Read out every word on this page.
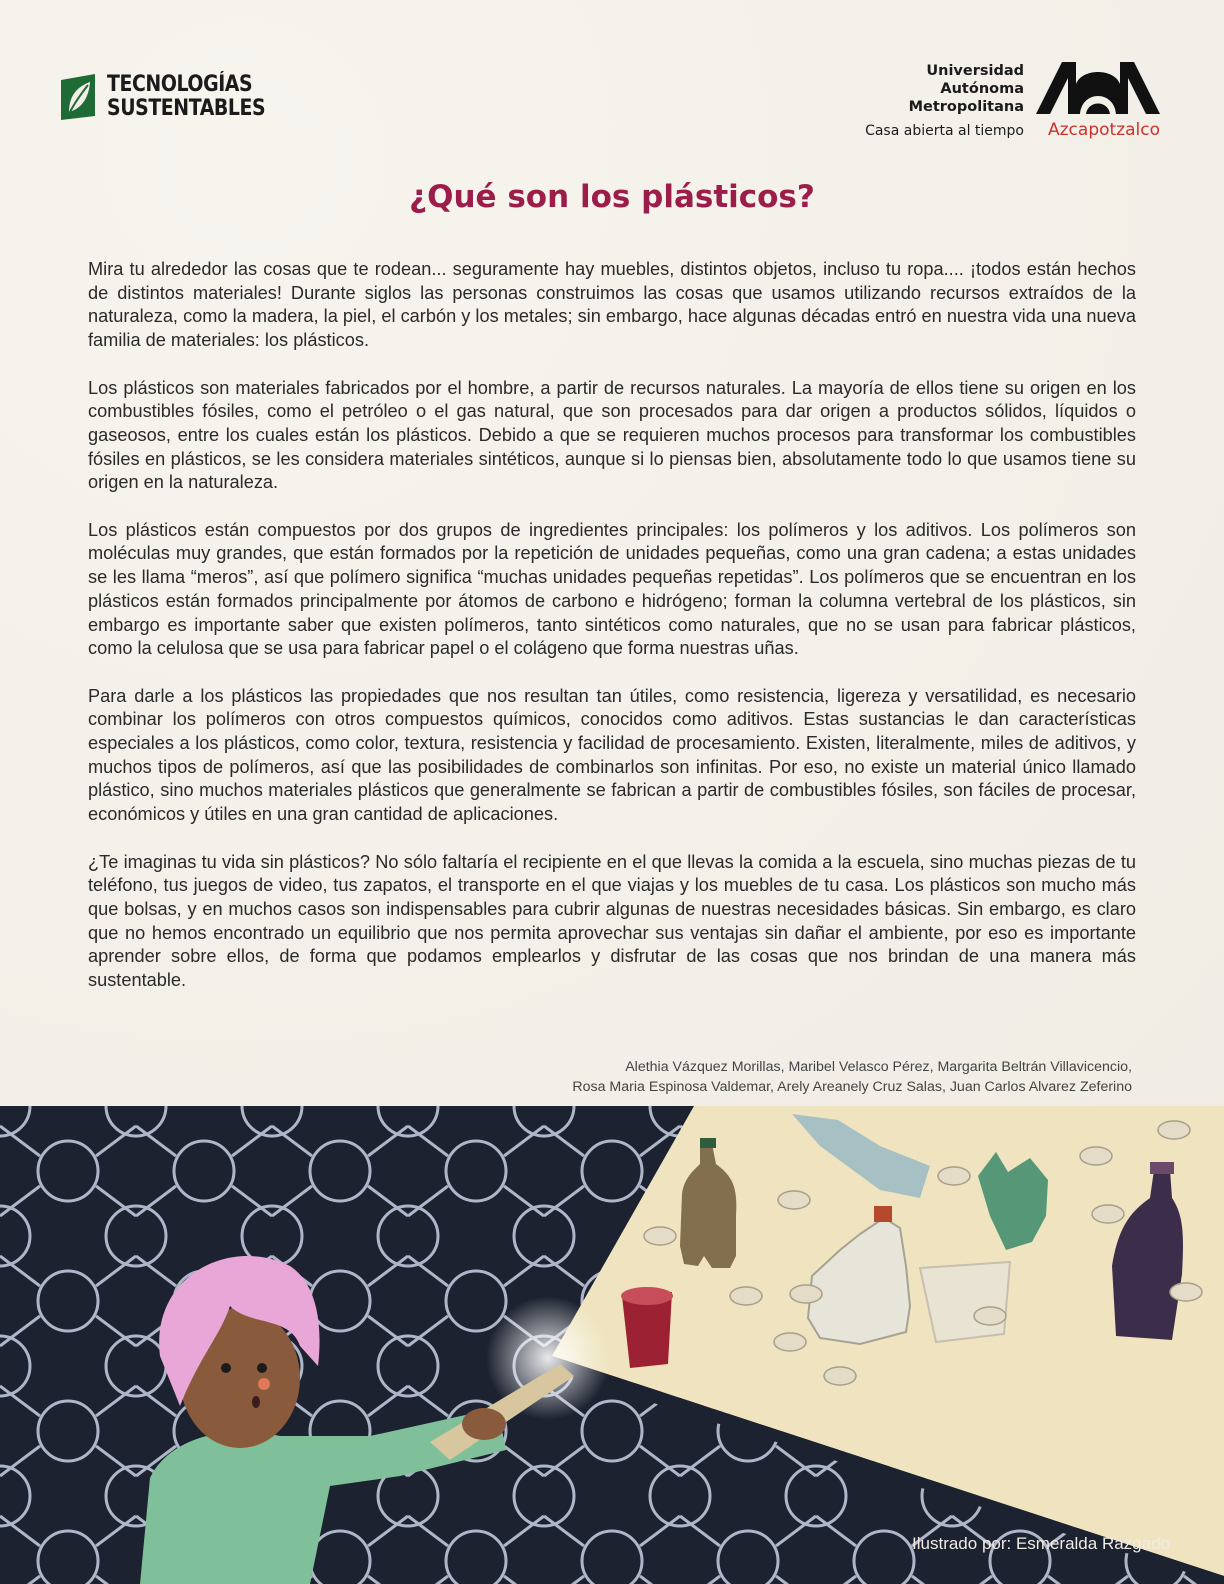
TECNOLOGÍAS
SUSTENTABLES
Universidad
Autónoma
Metropolitana
Casa abierta al tiempo Azcapotzalco
¿Qué son los plásticos?

Mira tu alrededor las cosas que te rodean... seguramente hay muebles, distintos objetos, incluso tu ropa.... ¡todos están hechos de distintos materiales! Durante siglos las personas construimos las cosas que usamos utilizando recursos extraídos de la naturaleza, como la madera, la piel, el carbón y los metales; sin embargo, hace algunas décadas entró en nuestra vida una nueva familia de materiales: los plásticos.

Los plásticos son materiales fabricados por el hombre, a partir de recursos naturales. La mayoría de ellos tiene su origen en los combustibles fósiles, como el petróleo o el gas natural, que son procesados para dar origen a productos sólidos, líquidos o gaseosos, entre los cuales están los plásticos. Debido a que se requieren muchos procesos para transformar los combustibles fósiles en plásticos, se les considera materiales sintéticos, aunque si lo piensas bien, absolutamente todo lo que usamos tiene su origen en la naturaleza.

Los plásticos están compuestos por dos grupos de ingredientes principales: los polímeros y los aditivos. Los polímeros son moléculas muy grandes, que están formados por la repetición de unidades pequeñas, como una gran cadena; a estas unidades se les llama “meros”, así que polímero significa “muchas unidades pequeñas repetidas”. Los polímeros que se encuentran en los plásticos están formados principalmente por átomos de carbono e hidrógeno; forman la columna vertebral de los plásticos, sin embargo es importante saber que existen polímeros, tanto sintéticos como naturales, que no se usan para fabricar plásticos, como la celulosa que se usa para fabricar papel o el colágeno que forma nuestras uñas.

Para darle a los plásticos las propiedades que nos resultan tan útiles, como resistencia, ligereza y versatilidad, es necesario combinar los polímeros con otros compuestos químicos, conocidos como aditivos. Estas sustancias le dan características especiales a los plásticos, como color, textura, resistencia y facilidad de procesamiento. Existen, literalmente, miles de aditivos, y muchos tipos de polímeros, así que las posibilidades de combinarlos son infinitas. Por eso, no existe un material único llamado plástico, sino muchos materiales plásticos que generalmente se fabrican a partir de combustibles fósiles, son fáciles de procesar, económicos y útiles en una gran cantidad de aplicaciones.

¿Te imaginas tu vida sin plásticos? No sólo faltaría el recipiente en el que llevas la comida a la escuela, sino muchas piezas de tu teléfono, tus juegos de video, tus zapatos, el transporte en el que viajas y los muebles de tu casa. Los plásticos son mucho más que bolsas, y en muchos casos son indispensables para cubrir algunas de nuestras necesidades básicas. Sin embargo, es claro que no hemos encontrado un equilibrio que nos permita aprovechar sus ventajas sin dañar el ambiente, por eso es importante aprender sobre ellos, de forma que podamos emplearlos y disfrutar de las cosas que nos brindan de una manera más sustentable.

Alethia Vázquez Morillas, Maribel Velasco Pérez, Margarita Beltrán Villavicencio,
Rosa Maria Espinosa Valdemar, Arely Areanely Cruz Salas, Juan Carlos Alvarez Zeferino
Ilustrado por: Esmeralda Razgado
